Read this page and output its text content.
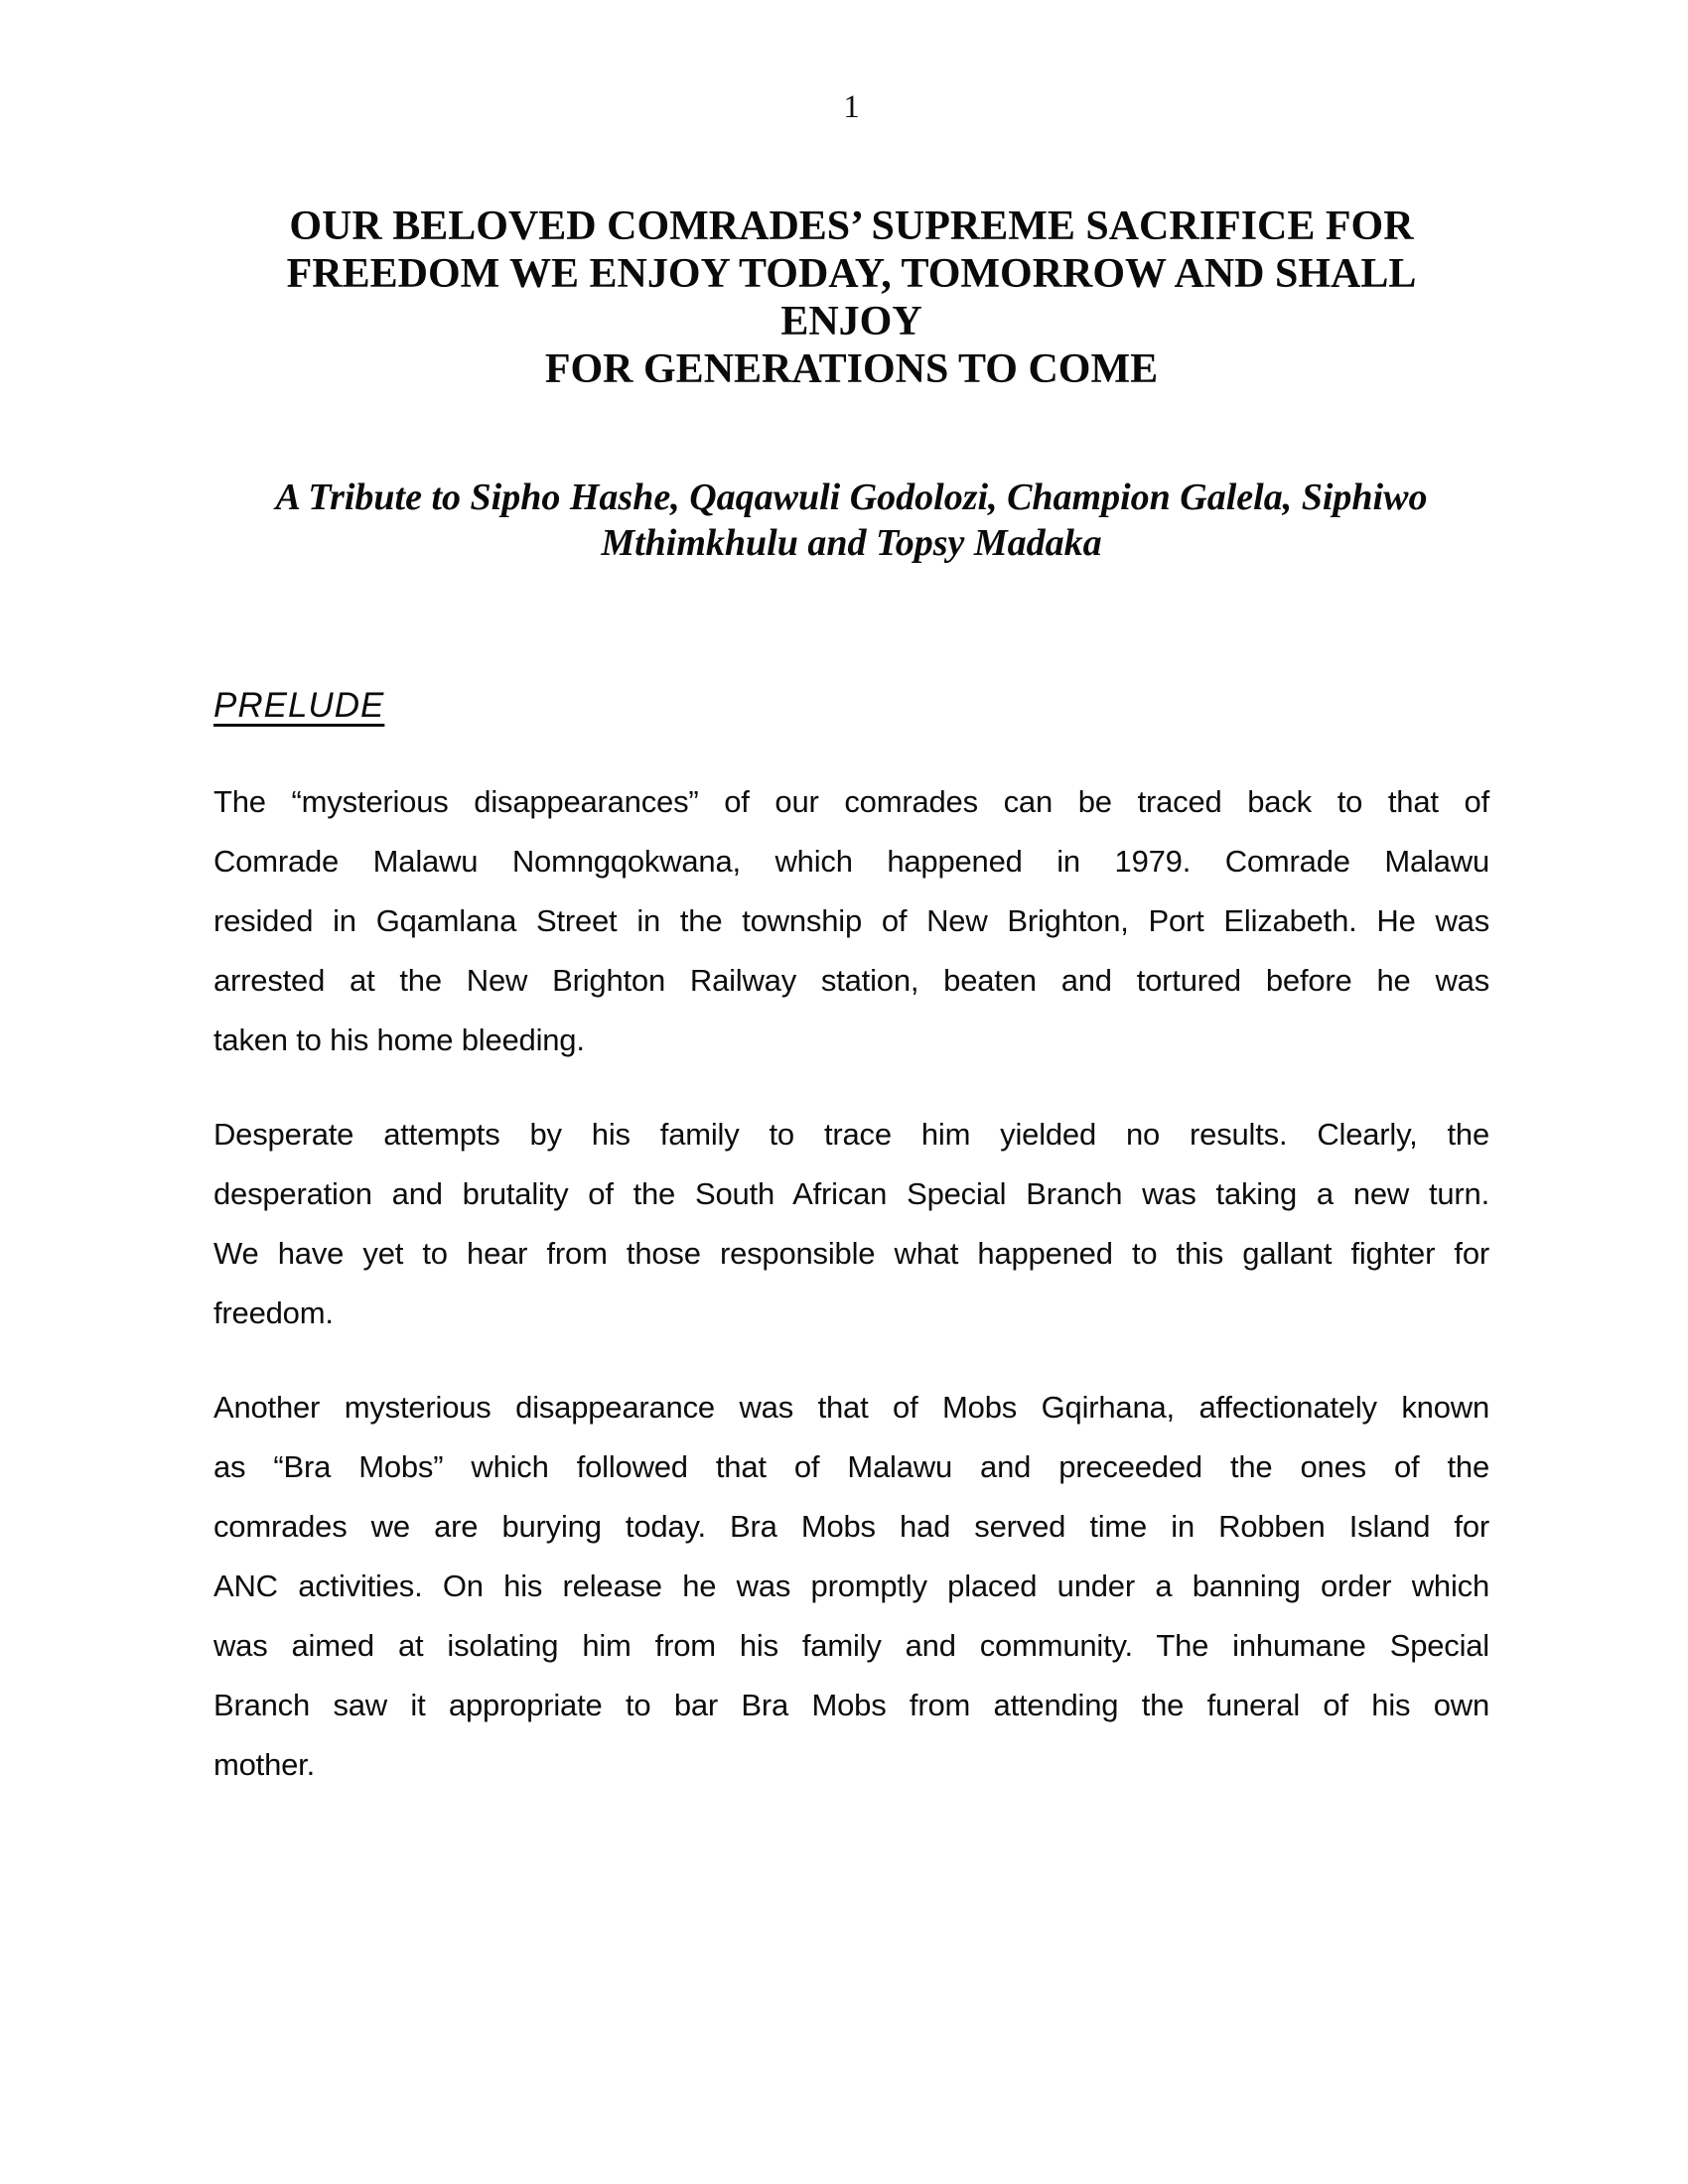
1
OUR BELOVED COMRADES’ SUPREME SACRIFICE FOR
FREEDOM WE ENJOY TODAY, TOMORROW AND SHALL ENJOY
FOR GENERATIONS TO COME
A Tribute to Sipho Hashe, Qaqawuli Godolozi, Champion Galela, Siphiwo
Mthimkhulu and Topsy Madaka
PRELUDE
The “mysterious disappearances” of our comrades can be traced back to that of
Comrade Malawu Nomngqokwana, which happened in 1979. Comrade Malawu
resided in Gqamlana Street in the township of New Brighton, Port Elizabeth. He was
arrested at the New Brighton Railway station, beaten and tortured before he was
taken to his home bleeding.
Desperate attempts by his family to trace him yielded no results. Clearly, the
desperation and brutality of the South African Special Branch was taking a new turn.
We have yet to hear from those responsible what happened to this gallant fighter for
freedom.
Another mysterious disappearance was that of Mobs Gqirhana, affectionately known
as “Bra Mobs” which followed that of Malawu and preceeded the ones of the
comrades we are burying today. Bra Mobs had served time in Robben Island for
ANC activities. On his release he was promptly placed under a banning order which
was aimed at isolating him from his family and community. The inhumane Special
Branch saw it appropriate to bar Bra Mobs from attending the funeral of his own
mother.
